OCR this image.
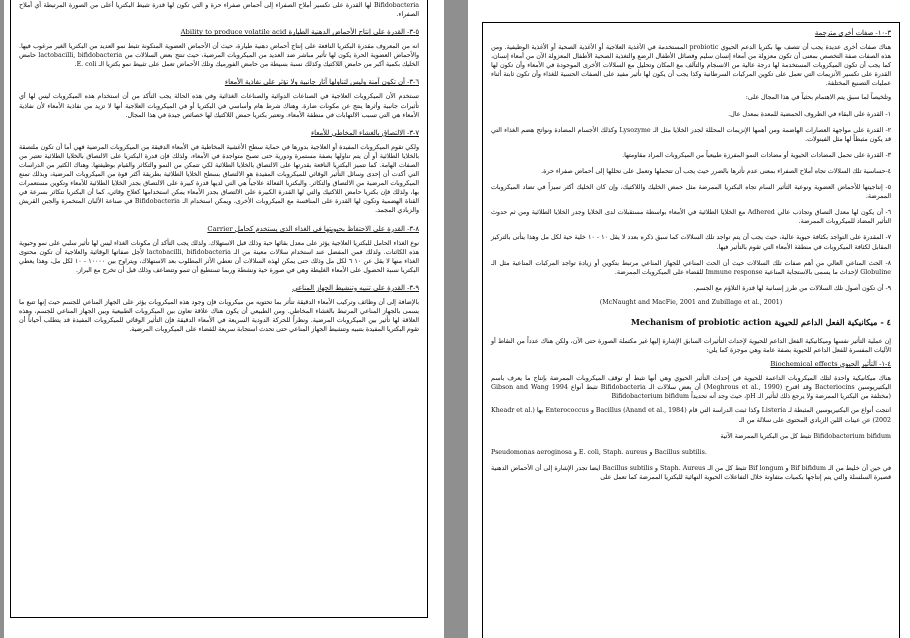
Bifidobacteria لها القدرة على تكسير أملاح الصفراء إلى أحماض صفراء حرة و التي تكون لها قدرة تثبيط البكتريا أعلى من الصورة المرتبطة أي أملاح الصفراء.

٥-٣- القدرة على إنتاج الأحماض الدهنية الطيارة Ability to produce volatile acid

انه من المعروف مقدرة البكتريا النافعة على إنتاج أحماض دهنية طيارة، حيث أن الأحماض العضوية المتكونة تثبط نمو العديد من البكتريا الغير مرغوب فيها. والأحماض العضوية الحرة يكون لها تأثير مباشر ضد العديد من الميكروبات المرضية، حيث تنتج بعض السلالات من lactobacilli, bifidobacteria حامض الخليك بكمية أكبر من حامض اللاكتيك وكذلك نسبة بسيطة من حامض الفورميك وتلك الأحماض تعمل على تثبيط نمو بكتريا الـ E. coli.

٦-٣- أن تكون آمنة وليس لتناولها آثار جانبية ولا تؤثر على نفاذية الأمعاء

تستخدم الأن الميكروبات العلاجية في الصناعات الدوائية والصناعات الغذائية وفي هذه الحالة يجب التأكد من أن استخدام هذه الميكروبات ليس لها أي تأثيرات جانبية وأثرها ينتج عن مكونات ضارة. وهناك شرط هام وأساسي في البكتريا أو في الميكروبات العلاجية أنها لا تزيد من نفاذية الأمعاء لأن نفاذية الأمعاء هي التي تسبب الالتهابات في منطقة الأمعاء. وتعتبر بكتريا حمض اللاكتيك لها خصائص جيدة في هذا المجال.

٧-٣- الالتصاق بالغشاء المخاطي للأمعاء

ولكي تقوم الميكروبات المفيدة أو العلاجية بدورها في حماية سطح الأغشية المخاطية في الأمعاء الدقيقة من الميكروبات المرضية فهي أما أن تكون ملتصقة بالخلايا الطلائية أو أن يتم تناولها بصفة مستمرة ودورية حتى تصبح متواجدة في الأمعاء، ولذلك فإن قدرة البكتريا على الالتصاق بالخلايا الطلائية تعتبر من الصفات الهامة. كما تتميز البكتريا النافعة بقدرتها على الالتصاق بالخلايا الطلائية لكي تتمكن من النمو والتكاثر والقيام بوظيفتها. وهناك الكثير من الدراسات التي أكدت أن إحدى وسائل التأثير الوقائي للميكروبات المفيدة هو الالتصاق بسطح الخلايا الطلائية بطريقة أكثر قوة من الميكروبات المرضية، وبذلك تمنع الميكروبات المرضية من الالتصاق والتكاثر. والبكتريا الفعالة علاجياً هي التي لديها قدرة كبيرة على الالتصاق بجدر الخلايا الطلائية للأمعاء وتكوين مستعمرات بها، ولذلك فإن بكتريا حامض اللاكتيك والتي لها القدرة الكبيرة على الالتصاق بجدر الأمعاء يمكن استخدامها كعلاج وقائي، كما أن البكتريا تتكاثر بسرعة في القناة الهضمية وتكون لها القدرة على المنافسة مع الميكروبات الأخرى، ويمكن استخدام الـ Bifidobacteria في صناعة الألبان المتخمرة والجبن القريش والزبادي المجمد.

٨-٣- القدرة على الاحتفاظ بحيويتها في الغذاء الذي يستخدم كحامل Carrier

نوع الغذاء الحامل للبكتريا العلاجية يؤثر على معدل بقائها حية وذلك قبل الاستهلاك. ولذلك يجب التأكد أن مكونات الغذاء ليس لها تأثير سلبي على نمو وحيوية هذه الكائنات. ولذلك فمن المفضل عند استخدام سلالات معينة من الـ lactobacilli, bifidobacteria لأجل صفاتها الوقائية والعلاجية أن تكون محتوى الغذاء منها لا يقل عن ١٠ ٦ لكل مل وذلك حتى يمكن لهذه السلالات أن تعطي الأثر المطلوب بعد الاستهلاك، ويتراوح بين ١٠٠٠٠ - ١٠ لكل مل، وهذا يعطي البكتريا نسبة الحصول على الأمعاء الغليظة وهي في صورة حية ونشطة وربما تستطيع أن تنمو وتتضاعف وذلك قبل أن تخرج مع البراز.

٩-٣- القدرة على تنبيه وتنشيط الجهاز المناعي

بالإضافة إلى أن وظائف وتركيب الأمعاء الدقيقة تتأثر بما تحتويه من ميكروبات فإن وجود هذه الميكروبات يؤثر على الجهاز المناعي للجسم حيث إنها تتبع ما يسمى بالجهاز المناعي المرتبط بالغشاء المخاطي. ومن الطبيعي أن يكون هناك علاقة تعاون بين الميكروبات الطبيعية وبين الجهاز المناعي للجسم، وهذه العلاقة لها تأثير بين الميكروبات المرضية. ونظراً للحركة الدودية السريعة في الأمعاء الدقيقة فإن التأثير الوقائي للميكروبات المفيدة قد يتطلب أحياناً أن تقوم البكتريا المفيدة بتنبيه وتنشيط الجهاز المناعي حتى تحدث استجابة سريعة للقضاء على الميكروبات المرضية.

٣-١٠- صفات أخرى مترجمة

هناك صفات أخرى عديدة يجب أن تتصف بها بكتريا الدعم الحيوي probiotic المستخدمة في الأغذية العلاجية أو الأغذية الصحية أو الأغذية الوظيفية. ومن هذه الصفات صفة التخصص بمعنى أن تكون معزولة من أمعاء إنسان سليم وفصائل الأطفال الرضع والتغذية الصحية الأطفال المعزولة الآن من أمعاء إنسان، كما يجب أن تكون الميكروبات المستخدمة لها درجة عالية من الانسجام والتآلف مع المكان وتحليل مع السلالات الأخرى الموجودة في الأمعاء وأن تكون لها القدرة على تكسير الأنزيمات التي تعمل على تكوين المركبات السرطانية وكذا يجب أن يكون لها تأثير مفيد على الصفات الحسية للغذاء وأن تكون ثابتة أثناء عمليات التصنيع المختلفة.

وتلخيصاً لما سبق يتم الاهتمام بحثياً في هذا المجال على:

١- القدرة على البقاء في الظروف الحمضية للمعدة بمعدل عال.

٢- القدرة على مواجهة العصارات الهاضمة ومن أهمها الإنزيمات المحللة لجدر الخلايا مثل الـ Lysozyme وكذلك الأجسام المضادة ونواتج هضم الغذاء التي قد يكون مثبطاً لها مثل الفينولات.

٣- القدرة على تحمل المضادات الحيوية أو مضادات النمو المفرزة طبيعياً من الميكروبات المراد مقاومتها.

٤-حساسية تلك السلالات تجاه أملاح الصفراء بمعنى عدم تأثرها بالضرر حيث يجب أن تتحملها وتعمل على تحللها إلى أحماض صفراء حرة.

٥- إنتاجيتها للأحماض العضوية ونوعية التأثير السام تجاه البكتريا الممرضة مثل حمض الخليك واللاكتيك، وإن كان الخليك أكثر تميزاً في تضاد الميكروبات الممرضة.

٦- أن يكون لها معدل التصاق وتجاذب عالي Adhered مع الخلايا الطلائية في الأمعاء بواسطة مستقبلات لدى الخلايا وجدر الخلايا الطلائية ومن ثم حدوث التأثير المضاد للميكروبات الممرضة.

٧- المقدرة على التواجد بكثافة حيوية عالية، حيث يجب أن يتم تواجد تلك السلالات كما سبق ذكره بعدد لا يقل ١٠ - ١٠ خلية حية لكل مل وهذا يتأتى بالتركيز المقابل لكثافة الميكروبات في منطقة الأمعاء التي تقوم بالتأثير فيها.

٨- الحث المناعي العالي من أهم صفات تلك السلالات حيث أن الحث المناعي للجهاز المناعي مرتبط بتكوين أو زيادة تواجد المركبات المناعية مثل الـ Globuline لإحداث ما يسمى بالاستجابة المناعية Immune response للقضاء على الميكروبات الممرضة.

٩- أن تكون أصول تلك السلالات من طرز إنسانية لها قدرة التلاؤم مع الجسم.

(McNaught and MacFie, 2001 and Zubillage et al., 2001)

٤ - ميكانيكية الفعل الداعم للحيوية Mechanism of probiotic action

إن عملية التأثير نفسها وميكانيكية الفعل الداعم للحيوية لإحداث التأثيرات السابق الإشارة إليها غير مكتملة الصورة حتى الآن، ولكن هناك عدداً من النقاط أو الآليات المفسرة للفعل الداعم للحيوية بصفة عامة وهي موجزة كما يلي:

٤-١- التأثير الحيوي Biochemical effects

هناك ميكانيكية واحدة لتلك الميكروبات الداعمة للحيوية في إحداث التأثير الحيوي وهي أنها تثبط أو توقف الميكروبات الممرضة بإنتاج ما يعرف باسم البكتيريوسين Bacteriocins وقد اقترح (Meghrous et al., 1990) أن بعض سلالات الـ Bifidobacteria تثبط أنواع Gibson and Wang 1994 (مختلفة من البكتريا الممرضة ولا يرجع ذلك لتأثير الـ pH، حيث وجد أنه تحديداً Bifidobacterium bifidum

انتجت أنواع من البكتيريوسين المثبطة لـ Listeria وكذا ثبتت الدراسة التي قام (Anand et al., 1984) Bacillus و Enterococcus بها (Kheadr et al. (2002 عن عينات اللبن الزبادي المحتوى على سلالة من الـ

Bifidobacterium bifidum تثبط كل من البكتريا الممرضة الآتية

Pseudomonas aeroginosa و E. coli, Staph. aureus و Bacillus subtilis.

في حين أن خليط من الـ Bif bifidum و Bif longum تثبط كل من الـ Staph. Aureus و Bacillus subtilis ايضا تجدر الإشارة إلى أن الأحماض الدهنية قصيرة السلسلة والتي يتم إنتاجها بكميات متفاوتة خلال التفاعلات الحيوية النهائية للبكتريا الممرضة كما تعمل على
